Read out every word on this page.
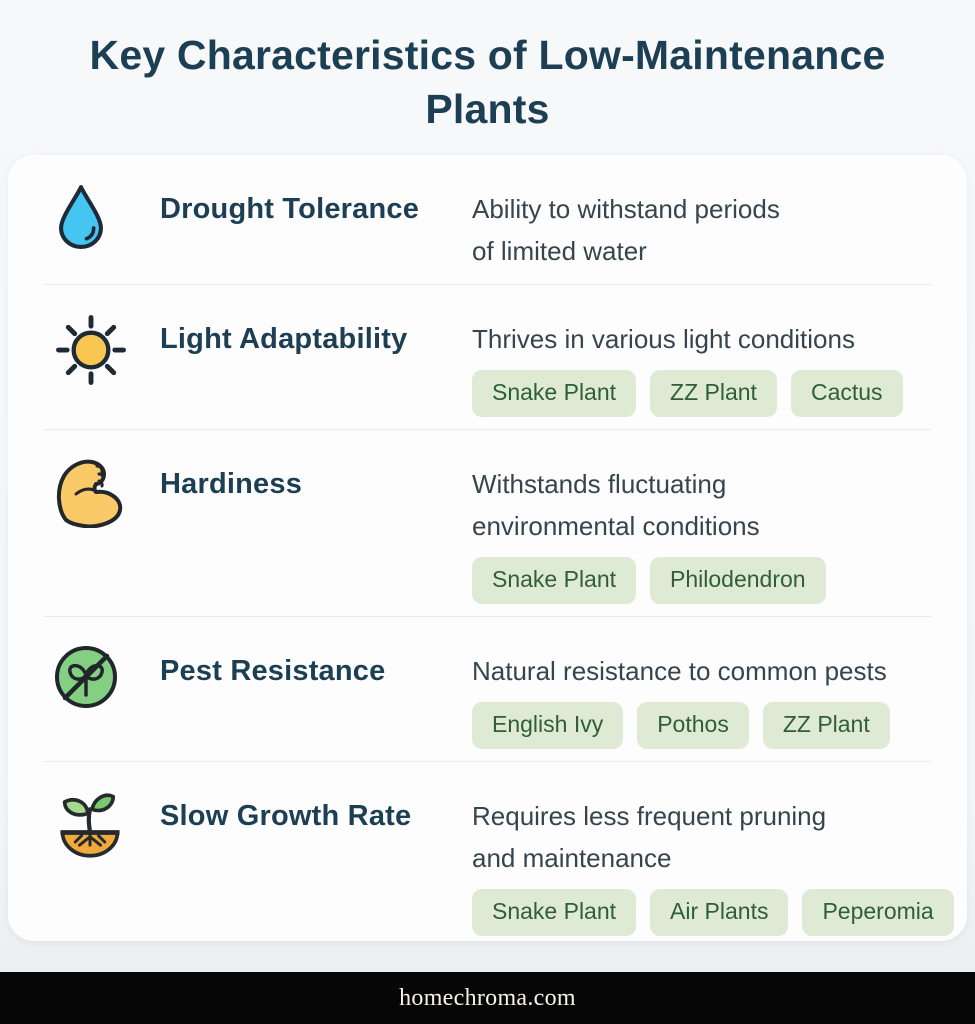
Key Characteristics of Low-Maintenance Plants
Drought Tolerance	Ability to withstand periods
of limited water
Light Adaptability	Thrives in various light conditions
Snake Plant	ZZ Plant	Cactus
Hardiness	Withstands fluctuating
environmental conditions
Snake Plant	Philodendron
Pest Resistance	Natural resistance to common pests
English Ivy	Pothos	ZZ Plant
Slow Growth Rate	Requires less frequent pruning
and maintenance
Snake Plant	Air Plants	Peperomia
homechroma.com
